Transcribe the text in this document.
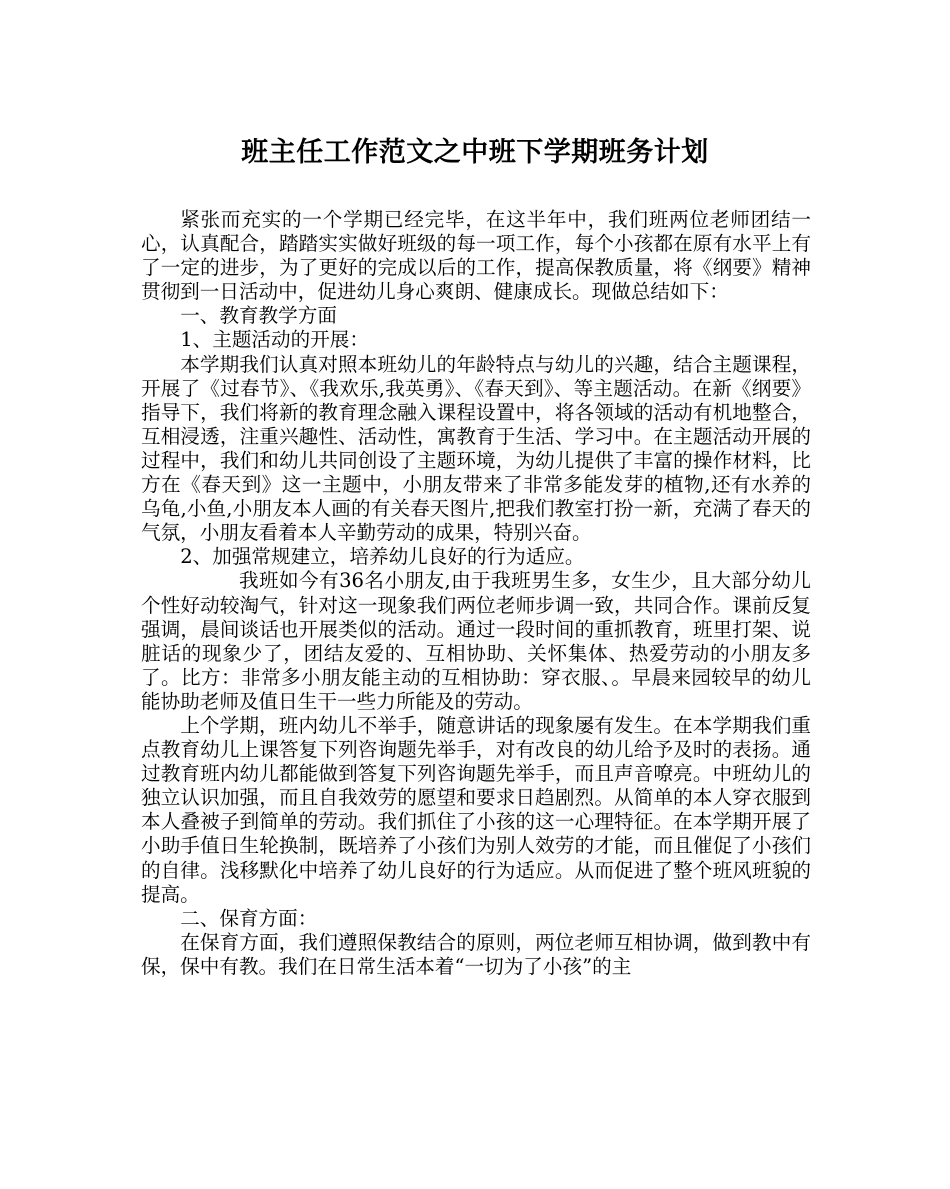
班主任工作范文之中班下学期班务计划

紧张而充实的一个学期已经完毕，在这半年中，我们班两位老师团结一心，认真配合，踏踏实实做好班级的每一项工作，每个小孩都在原有水平上有了一定的进步，为了更好的完成以后的工作，提高保教质量，将《纲要》精神贯彻到一日活动中，促进幼儿身心爽朗、健康成长。现做总结如下：

一、教育教学方面

1、主题活动的开展：

本学期我们认真对照本班幼儿的年龄特点与幼儿的兴趣，结合主题课程，开展了《过春节》、《我欢乐,我英勇》、《春天到》、等主题活动。在新《纲要》指导下，我们将新的教育理念融入课程设置中，将各领域的活动有机地整合，互相浸透，注重兴趣性、活动性，寓教育于生活、学习中。在主题活动开展的过程中，我们和幼儿共同创设了主题环境，为幼儿提供了丰富的操作材料，比方在《春天到》这一主题中，小朋友带来了非常多能发芽的植物,还有水养的乌龟,小鱼,小朋友本人画的有关春天图片,把我们教室打扮一新，充满了春天的气氛，小朋友看着本人辛勤劳动的成果，特别兴奋。

2、加强常规建立，培养幼儿良好的行为适应。

我班如今有36名小朋友,由于我班男生多，女生少，且大部分幼儿个性好动较淘气，针对这一现象我们两位老师步调一致，共同合作。课前反复强调，晨间谈话也开展类似的活动。通过一段时间的重抓教育，班里打架、说脏话的现象少了，团结友爱的、互相协助、关怀集体、热爱劳动的小朋友多了。比方：非常多小朋友能主动的互相协助：穿衣服、。早晨来园较早的幼儿能协助老师及值日生干一些力所能及的劳动。

上个学期，班内幼儿不举手，随意讲话的现象屡有发生。在本学期我们重点教育幼儿上课答复下列咨询题先举手，对有改良的幼儿给予及时的表扬。通过教育班内幼儿都能做到答复下列咨询题先举手，而且声音嘹亮。中班幼儿的独立认识加强，而且自我效劳的愿望和要求日趋剧烈。从简单的本人穿衣服到本人叠被子到简单的劳动。我们抓住了小孩的这一心理特征。在本学期开展了小助手值日生轮换制，既培养了小孩们为别人效劳的才能，而且催促了小孩们的自律。浅移默化中培养了幼儿良好的行为适应。从而促进了整个班风班貌的提高。

二、保育方面：

在保育方面，我们遵照保教结合的原则，两位老师互相协调，做到教中有保，保中有教。我们在日常生活本着“一切为了小孩”的主
